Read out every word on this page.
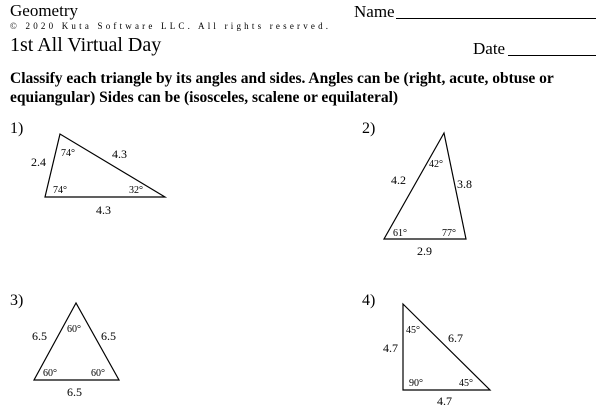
Geometry	Name
© 2020 Kuta Software LLC. All rights reserved.
1st All Virtual Day	Date
Classify each triangle by its angles and sides. Angles can be (right, acute, obtuse or equiangular) Sides can be (isosceles, scalene or equilateral)
1)	2)
3)	4)
74°
74°	32°
2.4
4.3
4.3
42°
61°	77°
4.2	3.8
2.9
60°
60°	60°
6.5	6.5
6.5
45°
90°	45°
4.7
6.7
4.7
